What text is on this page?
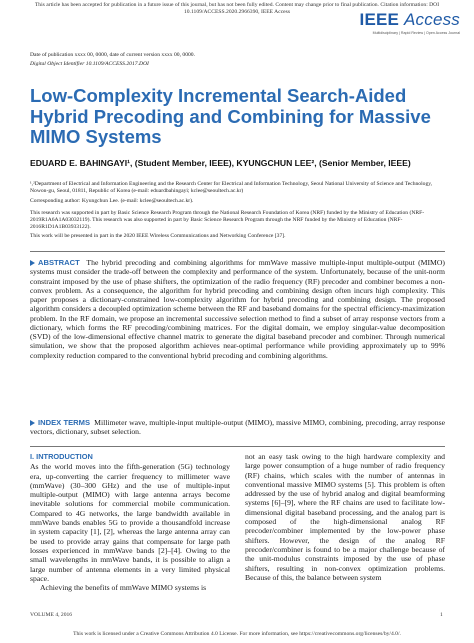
This article has been accepted for publication in a future issue of this journal, but has not been fully edited. Content may change prior to final publication. Citation information: DOI
10.1109/ACCESS.2020.2966390, IEEE Access	IEEE Access
Multidisciplinary | Rapid Review | Open Access Journal
Date of publication xxxx 00, 0000, date of current version xxxx 00, 0000.
Digital Object Identifier 10.1109/ACCESS.2017.DOI
Low-Complexity Incremental Search-Aided Hybrid Precoding and Combining for Massive MIMO Systems
EDUARD E. BAHINGAYI¹, (Student Member, IEEE), KYUNGCHUN LEE², (Senior Member, IEEE)
¹,²Department of Electrical and Information Engineering and the Research Center for Electrical and Information Technology, Seoul National University of Science and Technology, Nowon-gu, Seoul, 01811, Republic of Korea (e-mail: eduardbahingayi; kclee@seoultech.ac.kr)
Corresponding author: Kyungchun Lee. (e-mail: kclee@seoultech.ac.kr).
This research was supported in part by Basic Science Research Program through the National Research Foundation of Korea (NRF) funded by the Ministry of Education (NRF-2019R1A6A1A03032119). This research was also supported in part by Basic Science Research Program through the NRF funded by the Ministry of Education (NRF-2016R1D1A1B03933122).
This work will be presented in part in the 2020 IEEE Wireless Communications and Networking Conference [37].
ABSTRACT The hybrid precoding and combining algorithms for mmWave massive multiple-input multiple-output (MIMO) systems must consider the trade-off between the complexity and performance of the system. Unfortunately, because of the unit-norm constraint imposed by the use of phase shifters, the optimization of the radio frequency (RF) precoder and combiner becomes a non-convex problem. As a consequence, the algorithm for hybrid precoding and combining design often incurs high complexity. This paper proposes a dictionary-constrained low-complexity algorithm for hybrid precoding and combining design. The proposed algorithm considers a decoupled optimization scheme between the RF and baseband domains for the spectral efficiency-maximization problem. In the RF domain, we propose an incremental successive selection method to find a subset of array response vectors from a dictionary, which forms the RF precoding/combining matrices. For the digital domain, we employ singular-value decomposition (SVD) of the low-dimensional effective channel matrix to generate the digital baseband precoder and combiner. Through numerical simulation, we show that the proposed algorithm achieves near-optimal performance while providing approximately up to 99% complexity reduction compared to the conventional hybrid precoding and combining algorithms.
INDEX TERMS Millimeter wave, multiple-input multiple-output (MIMO), massive MIMO, combining, precoding, array response vectors, dictionary, subset selection.
I. INTRODUCTION

As the world moves into the fifth-generation (5G) technology era, up-converting the carrier frequency to millimeter wave (mmWave) (30–300 GHz) and the use of multiple-input multiple-output (MIMO) with large antenna arrays become inevitable solutions for commercial mobile communication. Compared to 4G networks, the large bandwidth available in mmWave bands enables 5G to provide a thousandfold increase in system capacity [1], [2], whereas the large antenna array can be used to provide array gains that compensate for large path losses experienced in mmWave bands [2]–[4]. Owing to the small wavelengths in mmWave bands, it is possible to align a large number of antenna elements in a very limited physical space.

Achieving the benefits of mmWave MIMO systems is

not an easy task owing to the high hardware complexity and large power consumption of a huge number of radio frequency (RF) chains, which scales with the number of antennas in conventional massive MIMO systems [5]. This problem is often addressed by the use of hybrid analog and digital beamforming systems [6]–[9], where the RF chains are used to facilitate low-dimensional digital baseband processing, and the analog part is composed of the high-dimensional analog RF precoder/combiner implemented by the low-power phase shifters. However, the design of the analog RF precoder/combiner is found to be a major challenge because of the unit-modulus constraints imposed by the use of phase shifters, resulting in non-convex optimization problems. Because of this, the balance between system

VOLUME 4, 2016	1
This work is licensed under a Creative Commons Attribution 4.0 License. For more information, see https://creativecommons.org/licenses/by/4.0/.
